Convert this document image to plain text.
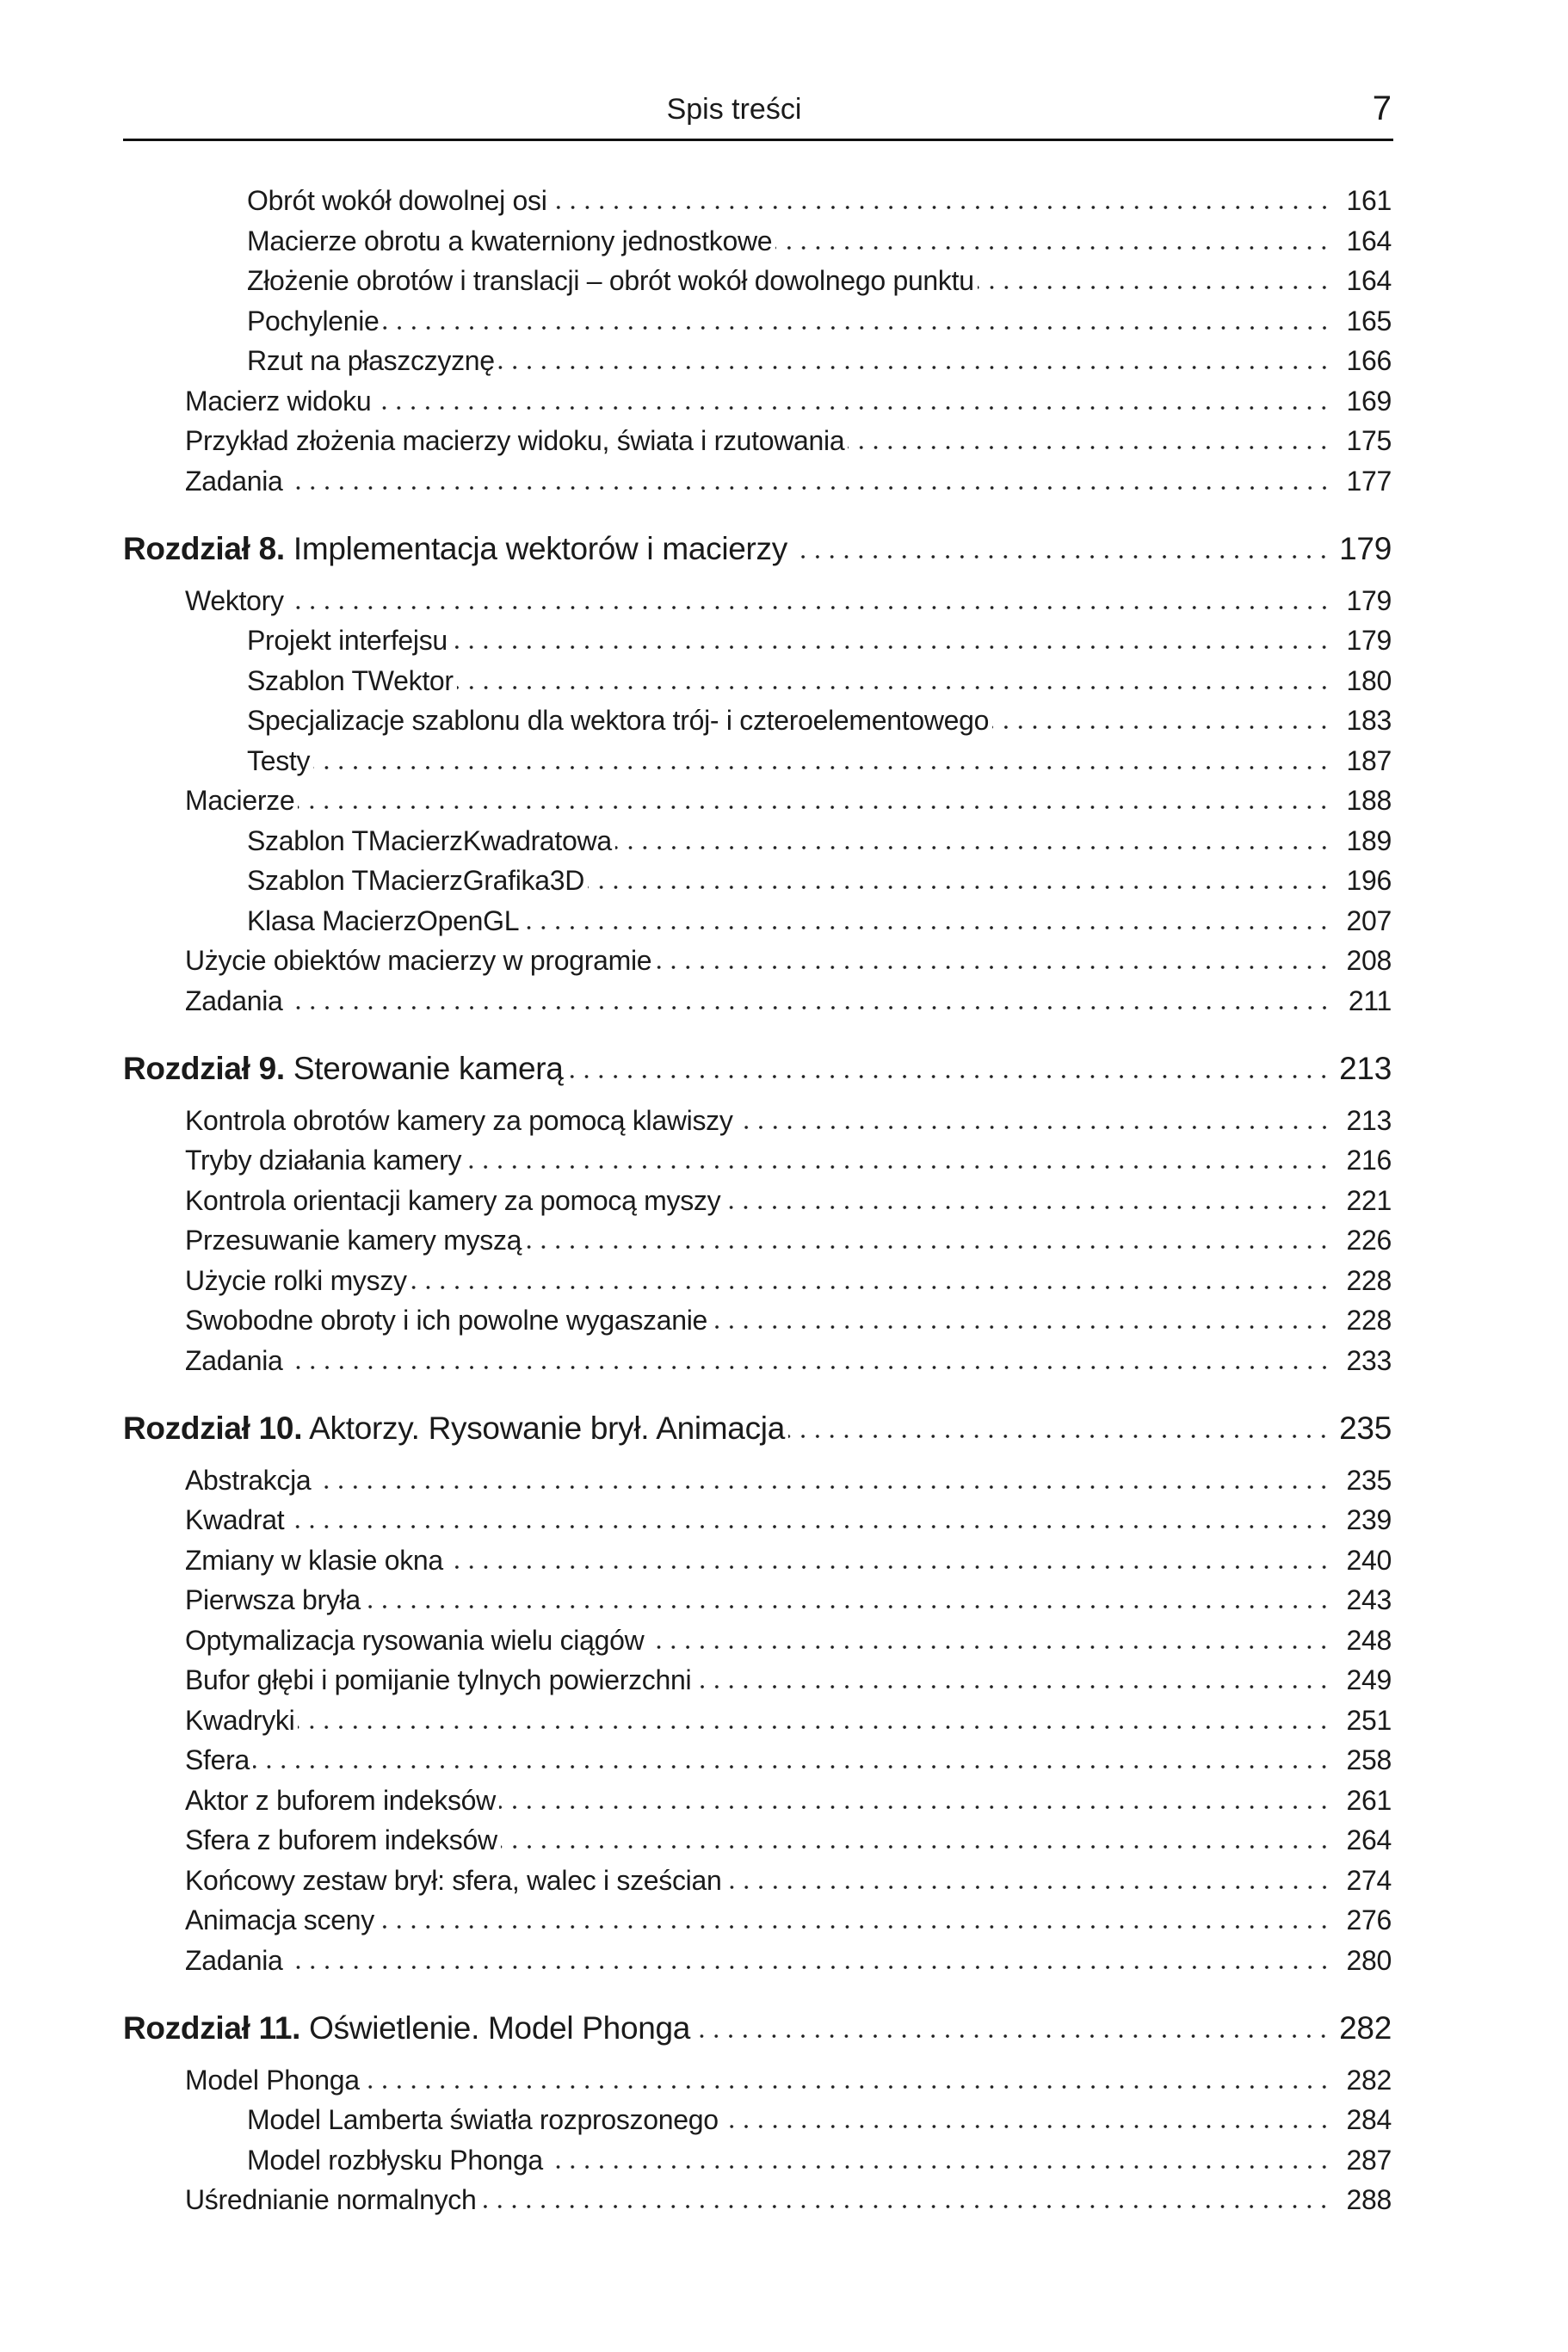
Spis treści	7
Obrót wokół dowolnej osi	161
Macierze obrotu a kwaterniony jednostkowe	164
Złożenie obrotów i translacji – obrót wokół dowolnego punktu	164
Pochylenie	165
Rzut na płaszczyznę	166
Macierz widoku	169
Przykład złożenia macierzy widoku, świata i rzutowania	175
Zadania	177
Rozdział 8. Implementacja wektorów i macierzy	179
Wektory	179
Projekt interfejsu	179
Szablon TWektor	180
Specjalizacje szablonu dla wektora trój- i czteroelementowego	183
Testy	187
Macierze	188
Szablon TMacierzKwadratowa	189
Szablon TMacierzGrafika3D	196
Klasa MacierzOpenGL	207
Użycie obiektów macierzy w programie	208
Zadania	211
Rozdział 9. Sterowanie kamerą	213
Kontrola obrotów kamery za pomocą klawiszy	213
Tryby działania kamery	216
Kontrola orientacji kamery za pomocą myszy	221
Przesuwanie kamery myszą	226
Użycie rolki myszy	228
Swobodne obroty i ich powolne wygaszanie	228
Zadania	233
Rozdział 10. Aktorzy. Rysowanie brył. Animacja	235
Abstrakcja	235
Kwadrat	239
Zmiany w klasie okna	240
Pierwsza bryła	243
Optymalizacja rysowania wielu ciągów	248
Bufor głębi i pomijanie tylnych powierzchni	249
Kwadryki	251
Sfera	258
Aktor z buforem indeksów	261
Sfera z buforem indeksów	264
Końcowy zestaw brył: sfera, walec i sześcian	274
Animacja sceny	276
Zadania	280
Rozdział 11. Oświetlenie. Model Phonga	282
Model Phonga	282
Model Lamberta światła rozproszonego	284
Model rozbłysku Phonga	287
Uśrednianie normalnych	288
